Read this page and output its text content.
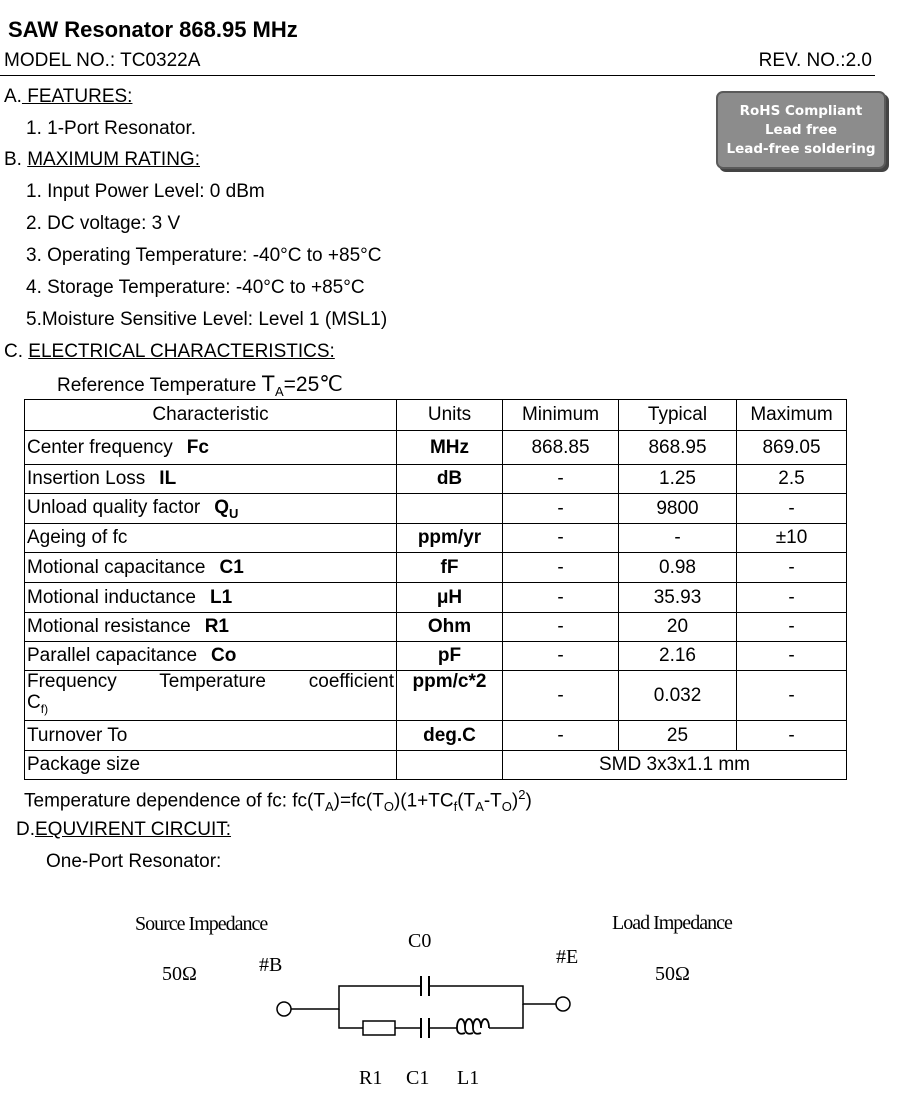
SAW Resonator 868.95 MHz
MODEL NO.: TC0322A	REV. NO.:2.0
RoHS Compliant
Lead free
Lead-free soldering
A. FEATURES:
1. 1-Port Resonator.
B. MAXIMUM RATING:
1. Input Power Level: 0 dBm
2. DC voltage: 3 V
3. Operating Temperature: -40°C to +85°C
4. Storage Temperature: -40°C to +85°C
5.Moisture Sensitive Level: Level 1 (MSL1)
C. ELECTRICAL CHARACTERISTICS:
Reference Temperature $T_A=25℃$
Characteristic	Units	Minimum	Typical	Maximum
Center frequency Fc	MHz	868.85	868.95	869.05
Insertion Loss IL	dB	-	1.25	2.5
Unload quality factor $Q_U$		-	9800	-
Ageing of fc	ppm/yr	-	-	±10
Motional capacitance C1	fF	-	0.98	-
Motional inductance L1	μH	-	35.93	-
Motional resistance R1	Ohm	-	20	-
Parallel capacitance Co	pF	-	2.16	-

Frequency Temperature coefficient
$C_{f)}$	ppm/c*2	-	0.032	-
Turnover To	deg.C	-	25	-
Package size		SMD 3x3x1.1 mm		
Temperature dependence of fc: $fc(T_A)=fc(T_O)(1+TC_f(T_A-T_O)^2)$
D.EQUVIRENT CIRCUIT:
One-Port Resonator:
Source Impedance
50Ω
Load Impedance
50Ω
#B	#E
C0
R1 C1 L1
